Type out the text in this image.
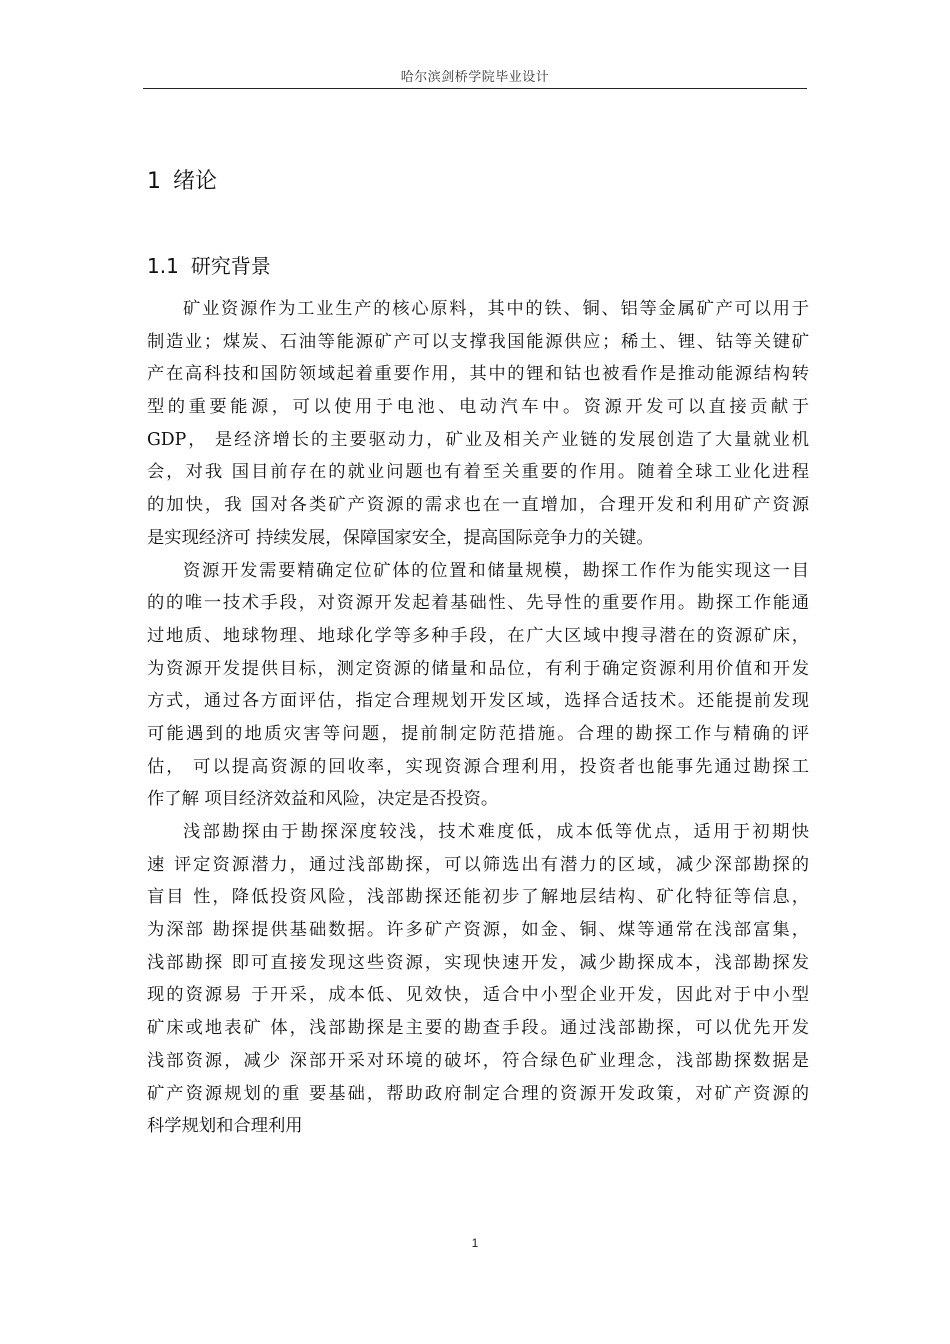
哈尔滨剑桥学院毕业设计
1 绪论
1.1 研究背景
矿业资源作为工业生产的核心原料，其中的铁、铜、铝等金属矿产可以用于
制造业；煤炭、石油等能源矿产可以支撑我国能源供应；稀土、锂、钴等关键矿
产在高科技和国防领域起着重要作用，其中的锂和钴也被看作是推动能源结构转
型的重要能源，可以使用于电池、电动汽车中。资源开发可以直接贡献于
GDP， 是经济增长的主要驱动力，矿业及相关产业链的发展创造了大量就业机
会，对我 国目前存在的就业问题也有着至关重要的作用。随着全球工业化进程
的加快，我 国对各类矿产资源的需求也在一直增加，合理开发和利用矿产资源
是实现经济可 持续发展，保障国家安全，提高国际竞争力的关键。
资源开发需要精确定位矿体的位置和储量规模，勘探工作作为能实现这一目
的的唯一技术手段，对资源开发起着基础性、先导性的重要作用。勘探工作能通
过地质、地球物理、地球化学等多种手段，在广大区域中搜寻潜在的资源矿床，
为资源开发提供目标，测定资源的储量和品位，有利于确定资源利用价值和开发
方式，通过各方面评估，指定合理规划开发区域，选择合适技术。还能提前发现
可能遇到的地质灾害等问题，提前制定防范措施。合理的勘探工作与精确的评
估， 可以提高资源的回收率，实现资源合理利用，投资者也能事先通过勘探工
作了解 项目经济效益和风险，决定是否投资。
浅部勘探由于勘探深度较浅，技术难度低，成本低等优点，适用于初期快
速 评定资源潜力，通过浅部勘探，可以筛选出有潜力的区域，减少深部勘探的
盲目 性，降低投资风险，浅部勘探还能初步了解地层结构、矿化特征等信息，
为深部 勘探提供基础数据。许多矿产资源，如金、铜、煤等通常在浅部富集，
浅部勘探 即可直接发现这些资源，实现快速开发，减少勘探成本，浅部勘探发
现的资源易 于开采，成本低、见效快，适合中小型企业开发，因此对于中小型
矿床或地表矿 体，浅部勘探是主要的勘查手段。通过浅部勘探，可以优先开发
浅部资源，减少 深部开采对环境的破坏，符合绿色矿业理念，浅部勘探数据是
矿产资源规划的重 要基础，帮助政府制定合理的资源开发政策，对矿产资源的
科学规划和合理利用
1
